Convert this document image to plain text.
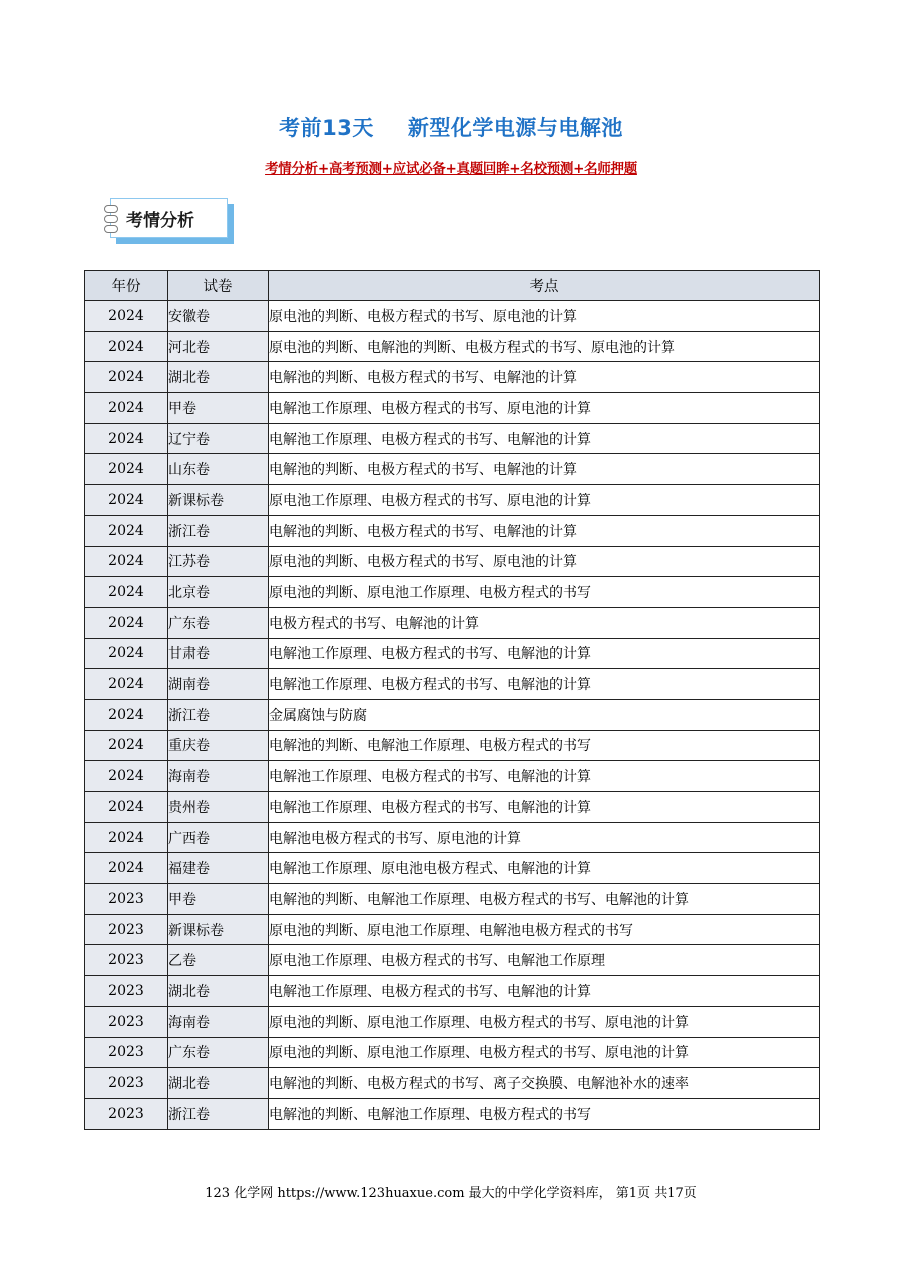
考前13天 新型化学电源与电解池
考情分析+高考预测+应试必备+真题回眸+名校预测+名师押题
考情分析
年份	试卷	考点
2024	安徽卷	原电池的判断、电极方程式的书写、原电池的计算
2024	河北卷	原电池的判断、电解池的判断、电极方程式的书写、原电池的计算
2024	湖北卷	电解池的判断、电极方程式的书写、电解池的计算
2024	甲卷	电解池工作原理、电极方程式的书写、原电池的计算
2024	辽宁卷	电解池工作原理、电极方程式的书写、电解池的计算
2024	山东卷	电解池的判断、电极方程式的书写、电解池的计算
2024	新课标卷	原电池工作原理、电极方程式的书写、原电池的计算
2024	浙江卷	电解池的判断、电极方程式的书写、电解池的计算
2024	江苏卷	原电池的判断、电极方程式的书写、原电池的计算
2024	北京卷	原电池的判断、原电池工作原理、电极方程式的书写
2024	广东卷	电极方程式的书写、电解池的计算
2024	甘肃卷	电解池工作原理、电极方程式的书写、电解池的计算
2024	湖南卷	电解池工作原理、电极方程式的书写、电解池的计算
2024	浙江卷	金属腐蚀与防腐
2024	重庆卷	电解池的判断、电解池工作原理、电极方程式的书写
2024	海南卷	电解池工作原理、电极方程式的书写、电解池的计算
2024	贵州卷	电解池工作原理、电极方程式的书写、电解池的计算
2024	广西卷	电解池电极方程式的书写、原电池的计算
2024	福建卷	电解池工作原理、原电池电极方程式、电解池的计算
2023	甲卷	电解池的判断、电解池工作原理、电极方程式的书写、电解池的计算
2023	新课标卷	原电池的判断、原电池工作原理、电解池电极方程式的书写
2023	乙卷	原电池工作原理、电极方程式的书写、电解池工作原理
2023	湖北卷	电解池工作原理、电极方程式的书写、电解池的计算
2023	海南卷	原电池的判断、原电池工作原理、电极方程式的书写、原电池的计算
2023	广东卷	原电池的判断、原电池工作原理、电极方程式的书写、原电池的计算
2023	湖北卷	电解池的判断、电极方程式的书写、离子交换膜、电解池补水的速率
2023	浙江卷	电解池的判断、电解池工作原理、电极方程式的书写
123 化学网 https://www.123huaxue.com 最大的中学化学资料库， 第1页 共17页
